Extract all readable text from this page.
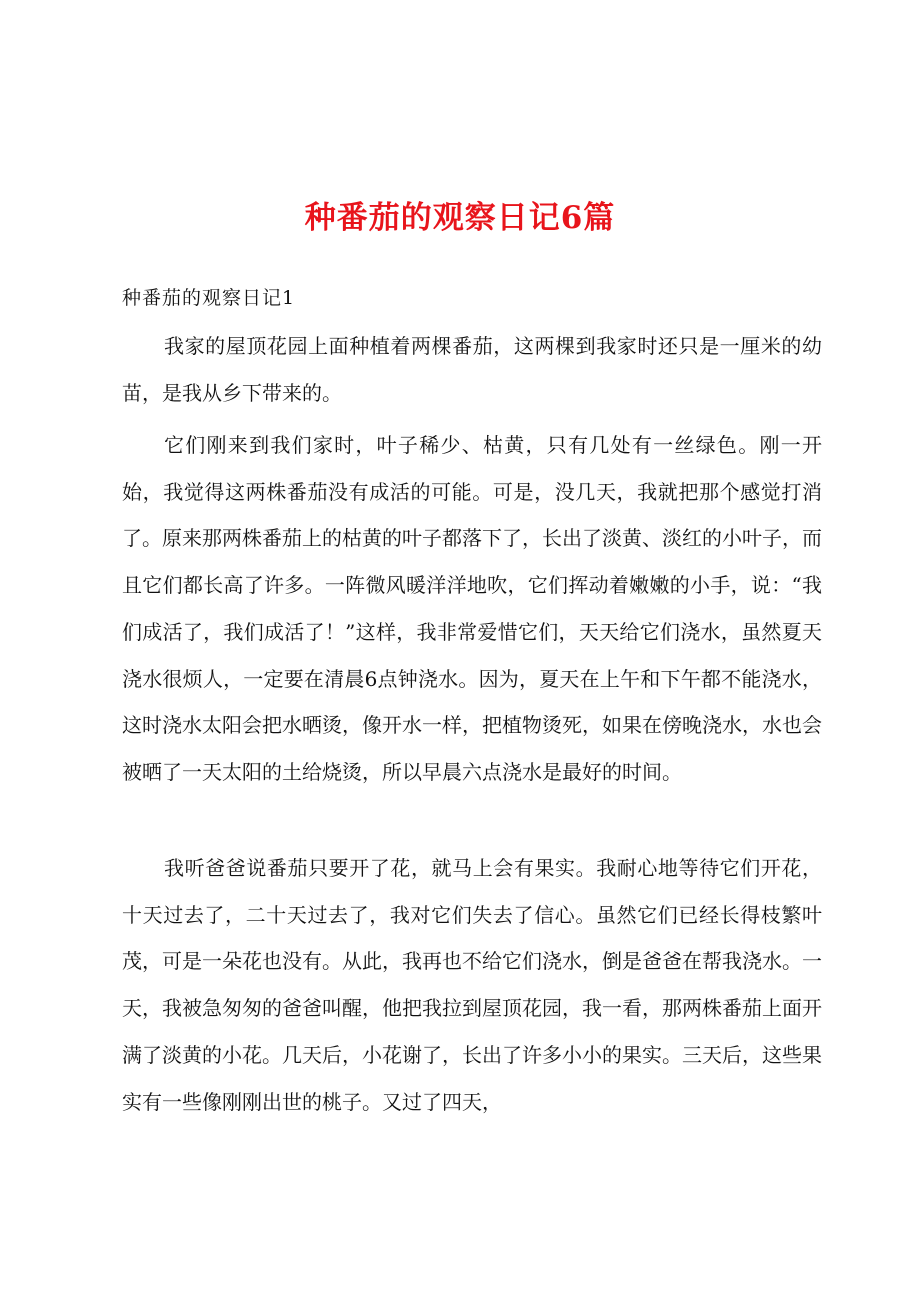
种番茄的观察日记6篇
种番茄的观察日记1

我家的屋顶花园上面种植着两棵番茄，这两棵到我家时还只是一厘米的幼苗，是我从乡下带来的。

它们刚来到我们家时，叶子稀少、枯黄，只有几处有一丝绿色。刚一开始，我觉得这两株番茄没有成活的可能。可是，没几天，我就把那个感觉打消了。原来那两株番茄上的枯黄的叶子都落下了，长出了淡黄、淡红的小叶子，而且它们都长高了许多。一阵微风暖洋洋地吹，它们挥动着嫩嫩的小手，说：“我们成活了，我们成活了！”这样，我非常爱惜它们，天天给它们浇水，虽然夏天浇水很烦人，一定要在清晨6点钟浇水。因为，夏天在上午和下午都不能浇水，这时浇水太阳会把水晒烫，像开水一样，把植物烫死，如果在傍晚浇水，水也会被晒了一天太阳的土给烧烫，所以早晨六点浇水是最好的时间。

我听爸爸说番茄只要开了花，就马上会有果实。我耐心地等待它们开花，十天过去了，二十天过去了，我对它们失去了信心。虽然它们已经长得枝繁叶茂，可是一朵花也没有。从此，我再也不给它们浇水，倒是爸爸在帮我浇水。一天，我被急匆匆的爸爸叫醒，他把我拉到屋顶花园，我一看，那两株番茄上面开满了淡黄的小花。几天后，小花谢了，长出了许多小小的果实。三天后，这些果实有一些像刚刚出世的桃子。又过了四天，
